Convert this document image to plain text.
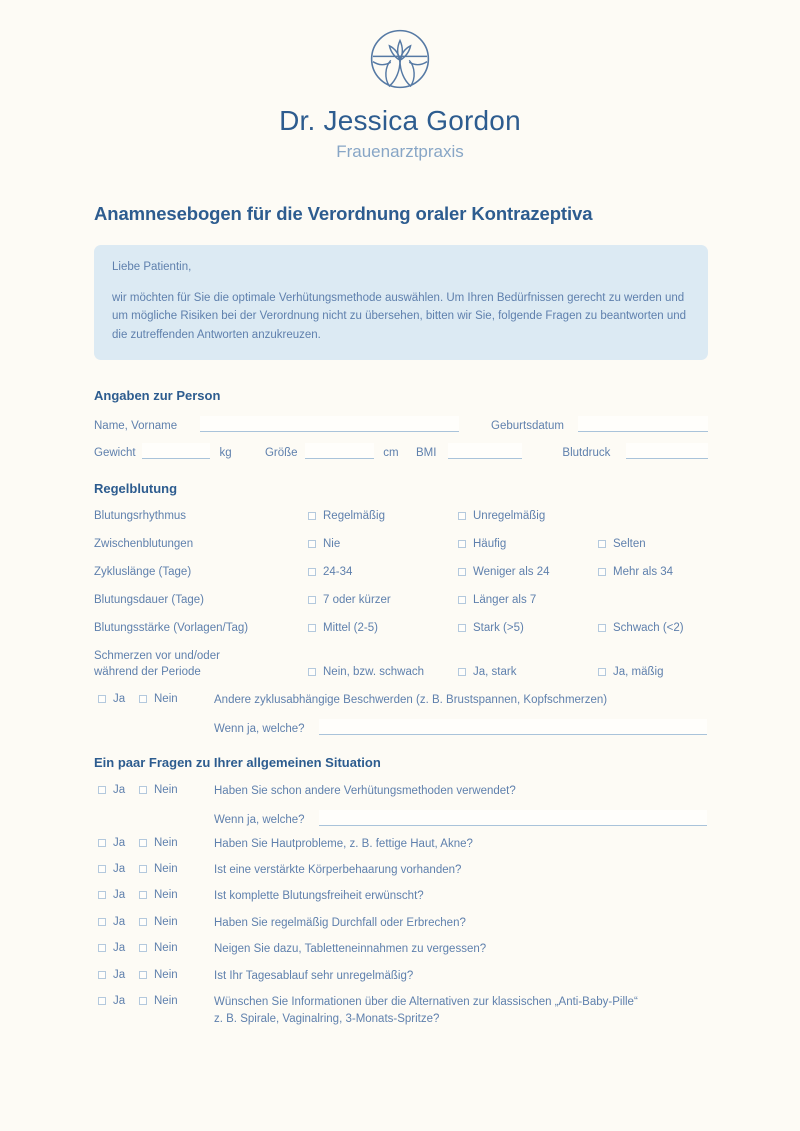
Dr. Jessica Gordon
Frauenarztpraxis
Anamnesebogen für die Verordnung oraler Kontrazeptiva

Liebe Patientin,

wir möchten für Sie die optimale Verhütungsmethode auswählen. Um Ihren Bedürfnissen gerecht zu werden und um mögliche Risiken bei der Verordnung nicht zu übersehen, bitten wir Sie, folgende Fragen zu beantworten und die zutreffenden Antworten anzukreuzen.

Angaben zur Person
Name, Vorname	Geburtsdatum
Gewicht	kg	Größe	cm	BMI	Blutdruck
Regelblutung
Blutungsrhythmus	Regelmäßig	Unregelmäßig
Zwischenblutungen	Nie	Häufig	Selten
Zykluslänge (Tage)	24-34	Weniger als 24	Mehr als 34
Blutungsdauer (Tage)	7 oder kürzer	Länger als 7
Blutungsstärke (Vorlagen/Tag)	Mittel (2-5)	Stark (>5)	Schwach (<2)
Schmerzen vor und/oder
während der Periode	Nein, bzw. schwach	Ja, stark	Ja, mäßig
Ja	Nein	Andere zyklusabhängige Beschwerden (z. B. Brustspannen, Kopfschmerzen)
Wenn ja, welche?
Ein paar Fragen zu Ihrer allgemeinen Situation
Ja	Nein	Haben Sie schon andere Verhütungsmethoden verwendet?
Wenn ja, welche?
Ja	Nein	Haben Sie Hautprobleme, z. B. fettige Haut, Akne?
Ja	Nein	Ist eine verstärkte Körperbehaarung vorhanden?
Ja	Nein	Ist komplette Blutungsfreiheit erwünscht?
Ja	Nein	Haben Sie regelmäßig Durchfall oder Erbrechen?
Ja	Nein	Neigen Sie dazu, Tabletteneinnahmen zu vergessen?
Ja	Nein	Ist Ihr Tagesablauf sehr unregelmäßig?
Ja	Nein	Wünschen Sie Informationen über die Alternativen zur klassischen „Anti-Baby-Pille“
z. B. Spirale, Vaginalring, 3-Monats-Spritze?
